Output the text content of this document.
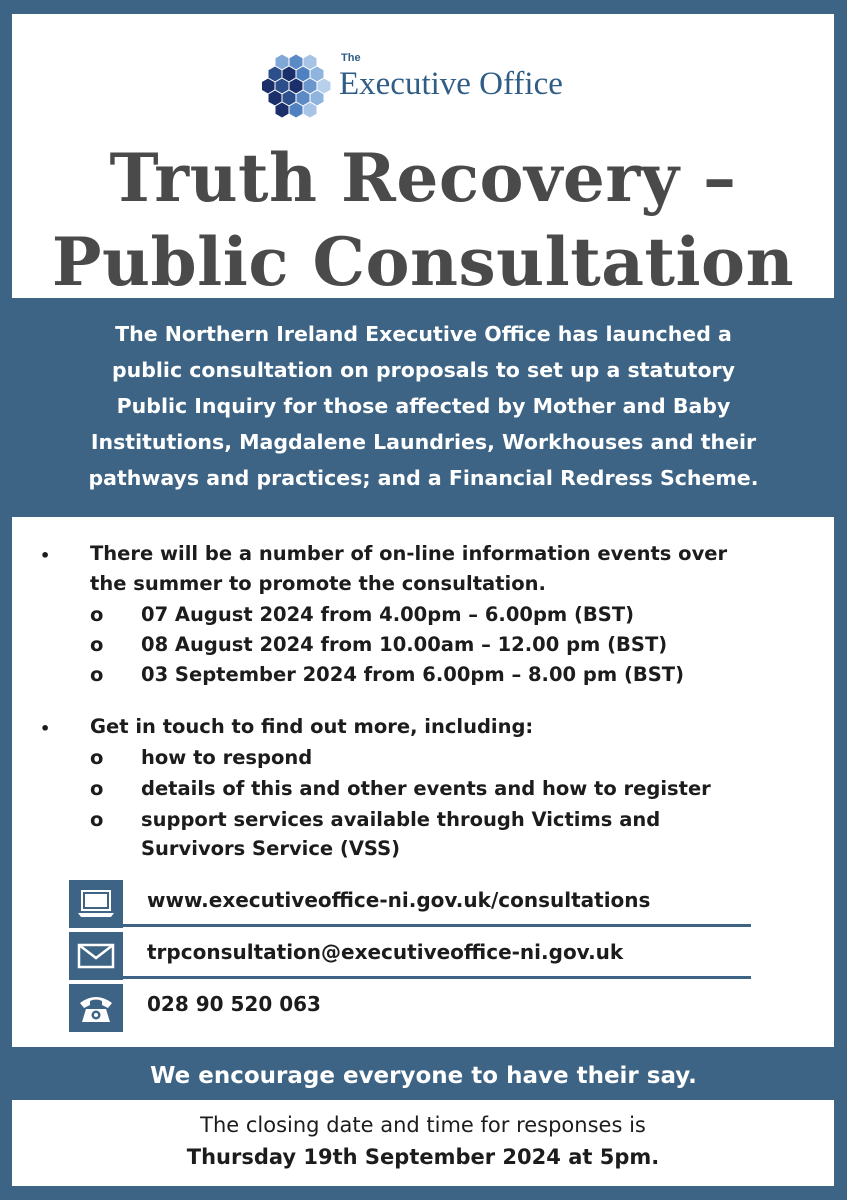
The
Executive Office
Truth Recovery –
Public Consultation
The Northern Ireland Executive Office has launched a
public consultation on proposals to set up a statutory
Public Inquiry for those affected by Mother and Baby
Institutions, Magdalene Laundries, Workhouses and their
pathways and practices; and a Financial Redress Scheme.
• There will be a number of on-line information events over
the summer to promote the consultation.
o 07 August 2024 from 4.00pm – 6.00pm (BST)
o 08 August 2024 from 10.00am – 12.00 pm (BST)
o 03 September 2024 from 6.00pm – 8.00 pm (BST)
• Get in touch to find out more, including:
o how to respond
o details of this and other events and how to register
o support services available through Victims and
Survivors Service (VSS)
www.executiveoffice-ni.gov.uk/consultations
trpconsultation@executiveoffice-ni.gov.uk
028 90 520 063
We encourage everyone to have their say.
The closing date and time for responses is
Thursday 19th September 2024 at 5pm.
